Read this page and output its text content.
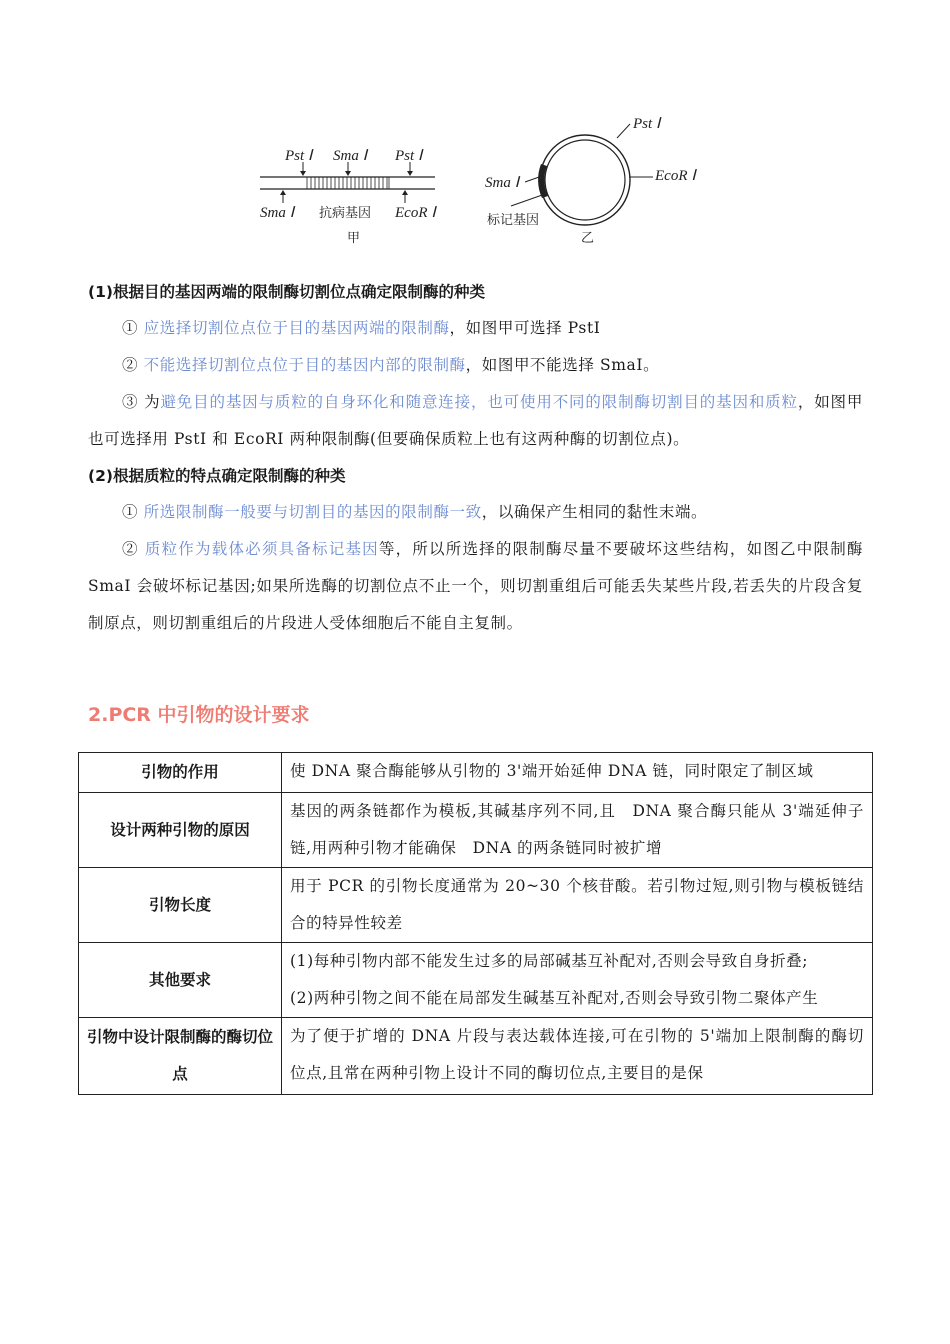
Pst Ⅰ Sma Ⅰ Pst Ⅰ
Sma Ⅰ 抗病基因 EcoR Ⅰ
甲
Pst Ⅰ
EcoR Ⅰ
Sma Ⅰ
标记基因
乙

(1)根据目的基因两端的限制酶切割位点确定限制酶的种类

① 应选择切割位点位于目的基因两端的限制酶，如图甲可选择 PstI

② 不能选择切割位点位于目的基因内部的限制酶，如图甲不能选择 SmaI。

③ 为避免目的基因与质粒的自身环化和随意连接，也可使用不同的限制酶切割目的基因和质粒，如图甲也可选择用 PstI 和 EcoRI 两种限制酶(但要确保质粒上也有这两种酶的切割位点)。

(2)根据质粒的特点确定限制酶的种类

① 所选限制酶一般要与切割目的基因的限制酶一致，以确保产生相同的黏性末端。

② 质粒作为载体必须具备标记基因等，所以所选择的限制酶尽量不要破坏这些结构，如图乙中限制酶　SmaI 会破坏标记基因;如果所选酶的切割位点不止一个，则切割重组后可能丢失某些片段,若丢失的片段含复制原点，则切割重组后的片段进人受体细胞后不能自主复制。

2.PCR 中引物的设计要求
引物的作用	使 DNA 聚合酶能够从引物的 3'端开始延伸 DNA 链，同时限定了制区域

设计两种引物的原因	基因的两条链都作为模板,其碱基序列不同,且　DNA 聚合酶只能从 3'端延伸子链,用两种引物才能确保　DNA 的两条链同时被扩增

引物长度	用于 PCR 的引物长度通常为 20~30 个核苷酸。若引物过短,则引物与模板链结合的特异性较差

其他要求	(1)每种引物内部不能发生过多的局部碱基互补配对,否则会导致自身折叠;
(2)两种引物之间不能在局部发生碱基互补配对,否则会导致引物二聚体产生

引物中设计限制酶的酶切位点	为了便于扩增的 DNA 片段与表达载体连接,可在引物的 5'端加上限制酶的酶切位点,且常在两种引物上设计不同的酶切位点,主要目的是保
